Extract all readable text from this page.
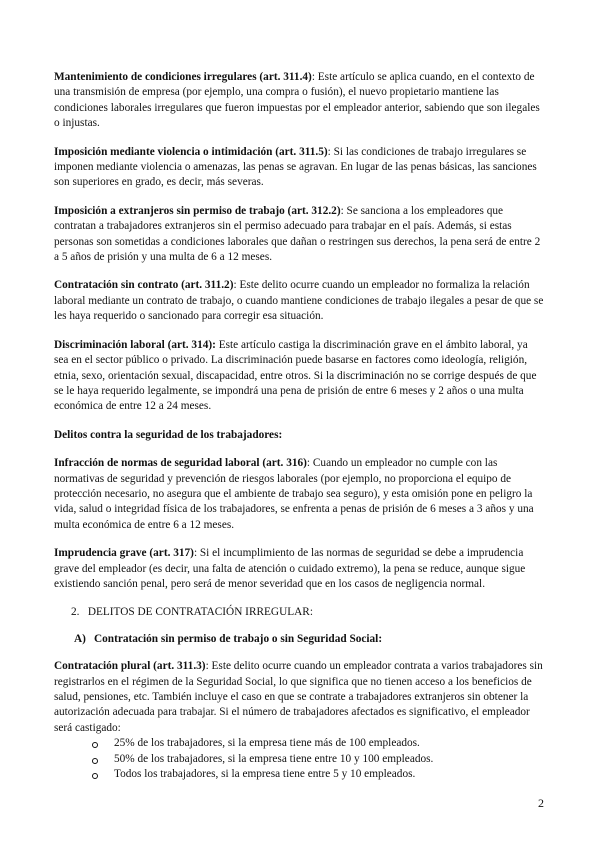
Mantenimiento de condiciones irregulares (art. 311.4): Este artículo se aplica cuando, en el contexto de una transmisión de empresa (por ejemplo, una compra o fusión), el nuevo propietario mantiene las condiciones laborales irregulares que fueron impuestas por el empleador anterior, sabiendo que son ilegales o injustas.

Imposición mediante violencia o intimidación (art. 311.5): Si las condiciones de trabajo irregulares se imponen mediante violencia o amenazas, las penas se agravan. En lugar de las penas básicas, las sanciones son superiores en grado, es decir, más severas.

Imposición a extranjeros sin permiso de trabajo (art. 312.2): Se sanciona a los empleadores que contratan a trabajadores extranjeros sin el permiso adecuado para trabajar en el país. Además, si estas personas son sometidas a condiciones laborales que dañan o restringen sus derechos, la pena será de entre 2 a 5 años de prisión y una multa de 6 a 12 meses.

Contratación sin contrato (art. 311.2): Este delito ocurre cuando un empleador no formaliza la relación laboral mediante un contrato de trabajo, o cuando mantiene condiciones de trabajo ilegales a pesar de que se les haya requerido o sancionado para corregir esa situación.

Discriminación laboral (art. 314): Este artículo castiga la discriminación grave en el ámbito laboral, ya sea en el sector público o privado. La discriminación puede basarse en factores como ideología, religión, etnia, sexo, orientación sexual, discapacidad, entre otros. Si la discriminación no se corrige después de que se le haya requerido legalmente, se impondrá una pena de prisión de entre 6 meses y 2 años o una multa económica de entre 12 a 24 meses.

Delitos contra la seguridad de los trabajadores:

Infracción de normas de seguridad laboral (art. 316): Cuando un empleador no cumple con las normativas de seguridad y prevención de riesgos laborales (por ejemplo, no proporciona el equipo de protección necesario, no asegura que el ambiente de trabajo sea seguro), y esta omisión pone en peligro la vida, salud o integridad física de los trabajadores, se enfrenta a penas de prisión de 6 meses a 3 años y una multa económica de entre 6 a 12 meses.

Imprudencia grave (art. 317): Si el incumplimiento de las normas de seguridad se debe a imprudencia grave del empleador (es decir, una falta de atención o cuidado extremo), la pena se reduce, aunque sigue existiendo sanción penal, pero será de menor severidad que en los casos de negligencia normal.

2. DELITOS DE CONTRATACIÓN IRREGULAR:

A) Contratación sin permiso de trabajo o sin Seguridad Social:

Contratación plural (art. 311.3): Este delito ocurre cuando un empleador contrata a varios trabajadores sin registrarlos en el régimen de la Seguridad Social, lo que significa que no tienen acceso a los beneficios de salud, pensiones, etc. También incluye el caso en que se contrate a trabajadores extranjeros sin obtener la autorización adecuada para trabajar. Si el número de trabajadores afectados es significativo, el empleador será castigado:

25% de los trabajadores, si la empresa tiene más de 100 empleados.
50% de los trabajadores, si la empresa tiene entre 10 y 100 empleados.
Todos los trabajadores, si la empresa tiene entre 5 y 10 empleados.
2
